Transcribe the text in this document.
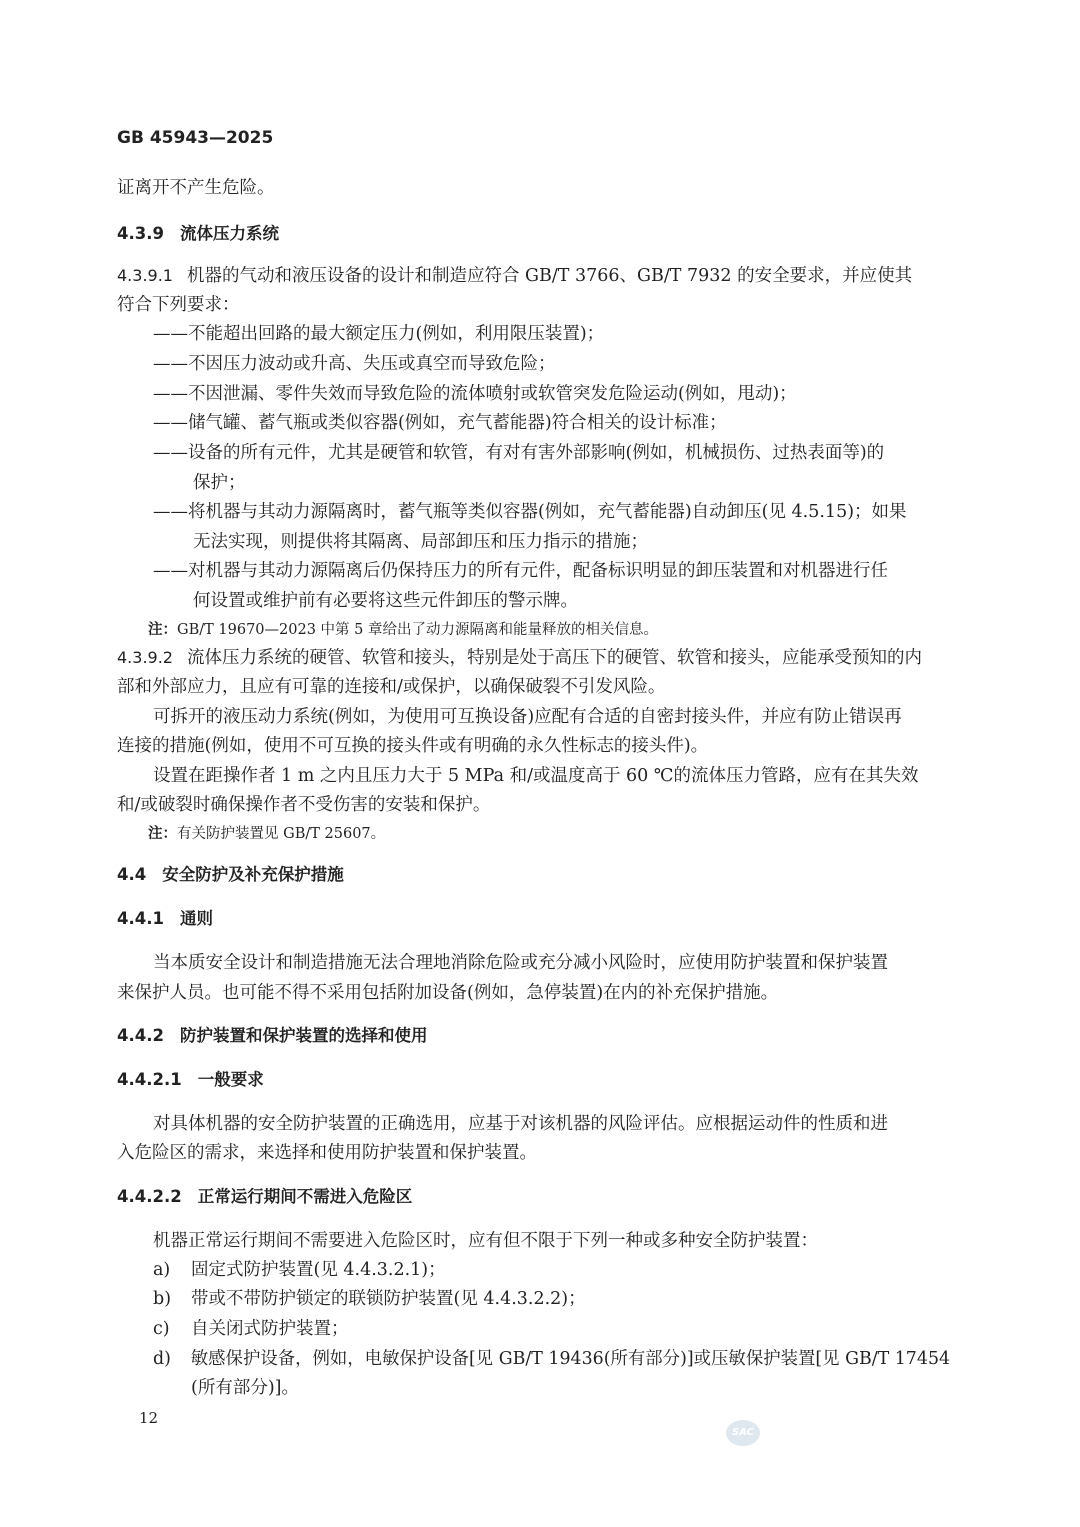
GB 45943—2025
证离开不产生危险。
4.3.9 流体压力系统
4.3.9.1 机器的气动和液压设备的设计和制造应符合 GB/T 3766、GB/T 7932 的安全要求，并应使其
符合下列要求：
——不能超出回路的最大额定压力(例如，利用限压装置)；
——不因压力波动或升高、失压或真空而导致危险；
——不因泄漏、零件失效而导致危险的流体喷射或软管突发危险运动(例如，甩动)；
——储气罐、蓄气瓶或类似容器(例如，充气蓄能器)符合相关的设计标准；
——设备的所有元件，尤其是硬管和软管，有对有害外部影响(例如，机械损伤、过热表面等)的
保护；
——将机器与其动力源隔离时，蓄气瓶等类似容器(例如，充气蓄能器)自动卸压(见 4.5.15)；如果
无法实现，则提供将其隔离、局部卸压和压力指示的措施；
——对机器与其动力源隔离后仍保持压力的所有元件，配备标识明显的卸压装置和对机器进行任
何设置或维护前有必要将这些元件卸压的警示牌。
注：GB/T 19670—2023 中第 5 章给出了动力源隔离和能量释放的相关信息。
4.3.9.2 流体压力系统的硬管、软管和接头，特别是处于高压下的硬管、软管和接头，应能承受预知的内
部和外部应力，且应有可靠的连接和/或保护，以确保破裂不引发风险。
可拆开的液压动力系统(例如，为使用可互换设备)应配有合适的自密封接头件，并应有防止错误再
连接的措施(例如，使用不可互换的接头件或有明确的永久性标志的接头件)。
设置在距操作者 1 m 之内且压力大于 5 MPa 和/或温度高于 60 ℃的流体压力管路，应有在其失效
和/或破裂时确保操作者不受伤害的安装和保护。
注：有关防护装置见 GB/T 25607。
4.4 安全防护及补充保护措施
4.4.1 通则
当本质安全设计和制造措施无法合理地消除危险或充分减小风险时，应使用防护装置和保护装置
来保护人员。也可能不得不采用包括附加设备(例如，急停装置)在内的补充保护措施。
4.4.2 防护装置和保护装置的选择和使用
4.4.2.1 一般要求
对具体机器的安全防护装置的正确选用，应基于对该机器的风险评估。应根据运动件的性质和进
入危险区的需求，来选择和使用防护装置和保护装置。
4.4.2.2 正常运行期间不需进入危险区
机器正常运行期间不需要进入危险区时，应有但不限于下列一种或多种安全防护装置：
a) 固定式防护装置(见 4.4.3.2.1)；
b) 带或不带防护锁定的联锁防护装置(见 4.4.3.2.2)；
c) 自关闭式防护装置；
d) 敏感保护设备，例如，电敏保护设备[见 GB/T 19436(所有部分)]或压敏保护装置[见 GB/T 17454
(所有部分)]。
12
SAC
